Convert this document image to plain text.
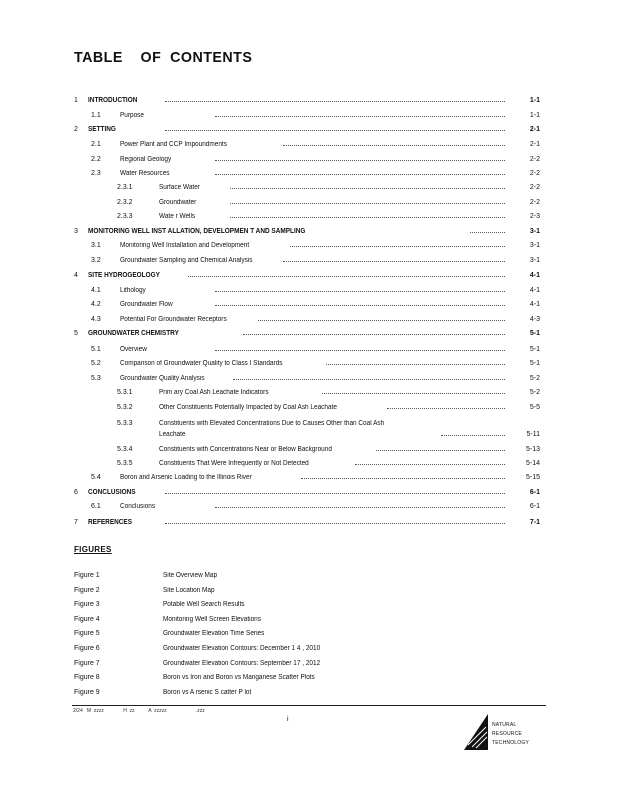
TABLE    OF  CONTENTS
1 INTRODUCTION	1-1
1.1	Purpose	1-1
2 SETTING	2-1
2.1	Power Plant and CCP Impoundments	2-1
2.2	Regional Geology	2-2
2.3	Water Resources	2-2
2.3.1	Surface Water	2-2
2.3.2	Groundwater	2-2
2.3.3	Wate r Wells	2-3
3 MONITORING WELL INST ALLATION, DEVELOPMEN T AND SAMPLING	3-1
3.1	Monitoring Well Installation and Development	3-1
3.2	Groundwater Sampling and Chemical Analysis	3-1
4 SITE HYDROGEOLOGY	4-1
4.1	Lithology	4-1
4.2	Groundwater Flow	4-1
4.3	Potential For Groundwater Receptors	4-3
5 GROUNDWATER CHEMISTRY	5-1
5.1	Overview	5-1
5.2	Comparison of Groundwater Quality to Class I Standards	5-1
5.3	Groundwater Quality Analysis	5-2
5.3.1	Prim ary Coal Ash Leachate Indicators	5-2
5.3.2	Other Constituents Potentially Impacted by Coal Ash Leachate	5-5
5.3.3	Constituents with Elevated Concentrations Due to Causes Other than Coal Ash
Leachate	5-11
5.3.4	Constituents with Concentrations Near or Below Background	5-13
5.3.5	Constituents That Were Infrequently or Not Detected	5-14
5.4	Boron and Arsenic Loading to the Illinois River	5-15
6 CONCLUSIONS	6-1
6.1	Conclusions	6-1
7 REFERENCES	7-1
FIGURES
Figure 1	Site Overview Map
Figure 2	Site Location Map
Figure 3	Potable Well Search Results
Figure 4	Monitoring Well Screen Elevations
Figure 5	Groundwater Elevation Time Series
Figure 6	Groundwater Elevation Contours: December 1 4 , 2010
Figure 7	Groundwater Elevation Contours: September 17 , 2012
Figure 8	Boron vs Iron and Boron vs Manganese Scatter Plots
Figure 9	Boron vs A rsenic S catter P lot
2/24   M  zzzz              H  zz          A  zzzzz                     .zzz
i
NATURAL
RESOURCE
TECHNOLOGY
